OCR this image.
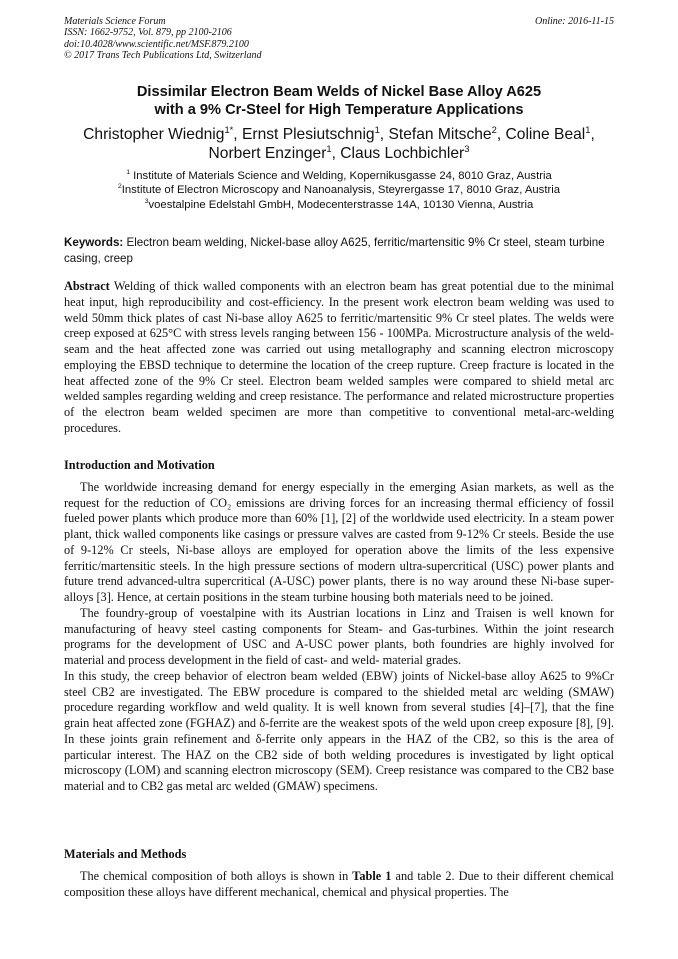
Materials Science Forum
ISSN: 1662-9752, Vol. 879, pp 2100-2106
doi:10.4028/www.scientific.net/MSF.879.2100
© 2017 Trans Tech Publications Ltd, Switzerland
Online: 2016-11-15
Dissimilar Electron Beam Welds of Nickel Base Alloy A625
with a 9% Cr-Steel for High Temperature Applications
Christopher Wiednig$^{1*}$, Ernst Plesiutschnig$^1$, Stefan Mitsche$^2$, Coline Beal$^1$,
Norbert Enzinger$^1$, Claus Lochbichler$^3$
$^1$ Institute of Materials Science and Welding, Kopernikusgasse 24, 8010 Graz, Austria
$^2$Institute of Electron Microscopy and Nanoanalysis, Steyrergasse 17, 8010 Graz, Austria
$^3$voestalpine Edelstahl GmbH, Modecenterstrasse 14A, 10130 Vienna, Austria
Keywords: Electron beam welding, Nickel-base alloy A625, ferritic/martensitic 9% Cr steel, steam turbine casing, creep

Abstract Welding of thick walled components with an electron beam has great potential due to the minimal heat input, high reproducibility and cost-efficiency. In the present work electron beam welding was used to weld 50mm thick plates of cast Ni-base alloy A625 to ferritic/martensitic 9% Cr steel plates. The welds were creep exposed at 625°C with stress levels ranging between 156 - 100MPa. Microstructure analysis of the weld-seam and the heat affected zone was carried out using metallography and scanning electron microscopy employing the EBSD technique to determine the location of the creep rupture. Creep fracture is located in the heat affected zone of the 9% Cr steel. Electron beam welded samples were compared to shield metal arc welded samples regarding welding and creep resistance. The performance and related microstructure properties of the electron beam welded specimen are more than competitive to conventional metal-arc-welding procedures.

Introduction and Motivation

The worldwide increasing demand for energy especially in the emerging Asian markets, as well as the request for the reduction of CO₂ emissions are driving forces for an increasing thermal efficiency of fossil fueled power plants which produce more than 60% [1], [2] of the worldwide used electricity. In a steam power plant, thick walled components like casings or pressure valves are casted from 9-12% Cr steels. Beside the use of 9-12% Cr steels, Ni-base alloys are employed for operation above the limits of the less expensive ferritic/martensitic steels. In the high pressure sections of modern ultra-supercritical (USC) power plants and future trend advanced-ultra supercritical (A-USC) power plants, there is no way around these Ni-base super-alloys [3]. Hence, at certain positions in the steam turbine housing both materials need to be joined.

The foundry-group of voestalpine with its Austrian locations in Linz and Traisen is well known for manufacturing of heavy steel casting components for Steam- and Gas-turbines. Within the joint research programs for the development of USC and A-USC power plants, both foundries are highly involved for material and process development in the field of cast- and weld- material grades.

In this study, the creep behavior of electron beam welded (EBW) joints of Nickel-base alloy A625 to 9%Cr steel CB2 are investigated. The EBW procedure is compared to the shielded metal arc welding (SMAW) procedure regarding workflow and weld quality. It is well known from several studies [4]–[7], that the fine grain heat affected zone (FGHAZ) and δ-ferrite are the weakest spots of the weld upon creep exposure [8], [9]. In these joints grain refinement and δ-ferrite only appears in the HAZ of the CB2, so this is the area of particular interest. The HAZ on the CB2 side of both welding procedures is investigated by light optical microscopy (LOM) and scanning electron microscopy (SEM). Creep resistance was compared to the CB2 base material and to CB2 gas metal arc welded (GMAW) specimens.

Materials and Methods

The chemical composition of both alloys is shown in Table 1 and table 2. Due to their different chemical composition these alloys have different mechanical, chemical and physical properties. The
